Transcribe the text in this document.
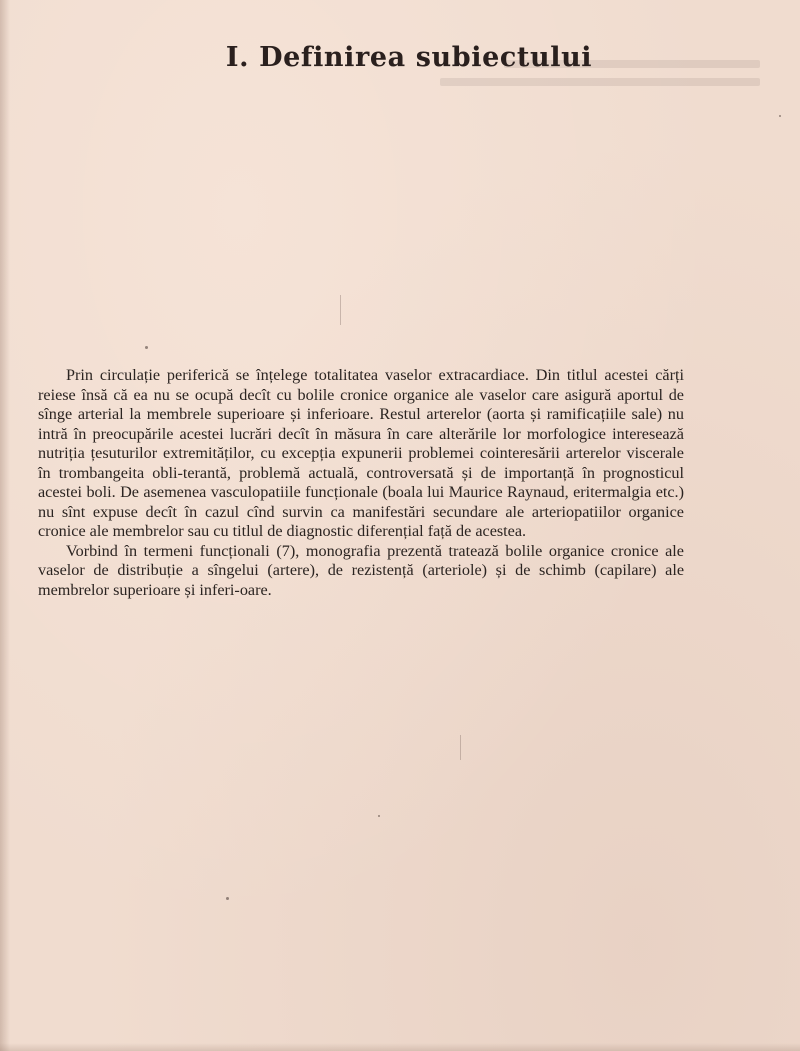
I. Definirea subiectului

Prin circulație periferică se înțelege totalitatea vaselor extracardiace. Din titlul acestei cărți reiese însă că ea nu se ocupă decît cu bolile cronice organice ale vaselor care asigură aportul de sînge arterial la membrele superioare și inferioare. Restul arterelor (aorta și ramificațiile sale) nu intră în preocupările acestei lucrări decît în măsura în care alterările lor morfologice interesează nutriția țesuturilor extremităților, cu excepția expunerii problemei cointeresării arterelor viscerale în trombangeita obli-terantă, problemă actuală, controversată și de importanță în prognosticul acestei boli. De asemenea vasculopatiile funcționale (boala lui Maurice Raynaud, eritermalgia etc.) nu sînt expuse decît în cazul cînd survin ca manifestări secundare ale arteriopatiilor organice cronice ale membrelor sau cu titlul de diagnostic diferențial față de acestea.

Vorbind în termeni funcționali (7), monografia prezentă tratează bolile organice cronice ale vaselor de distribuție a sîngelui (artere), de rezistență (arteriole) și de schimb (capilare) ale membrelor superioare și inferi-oare.
